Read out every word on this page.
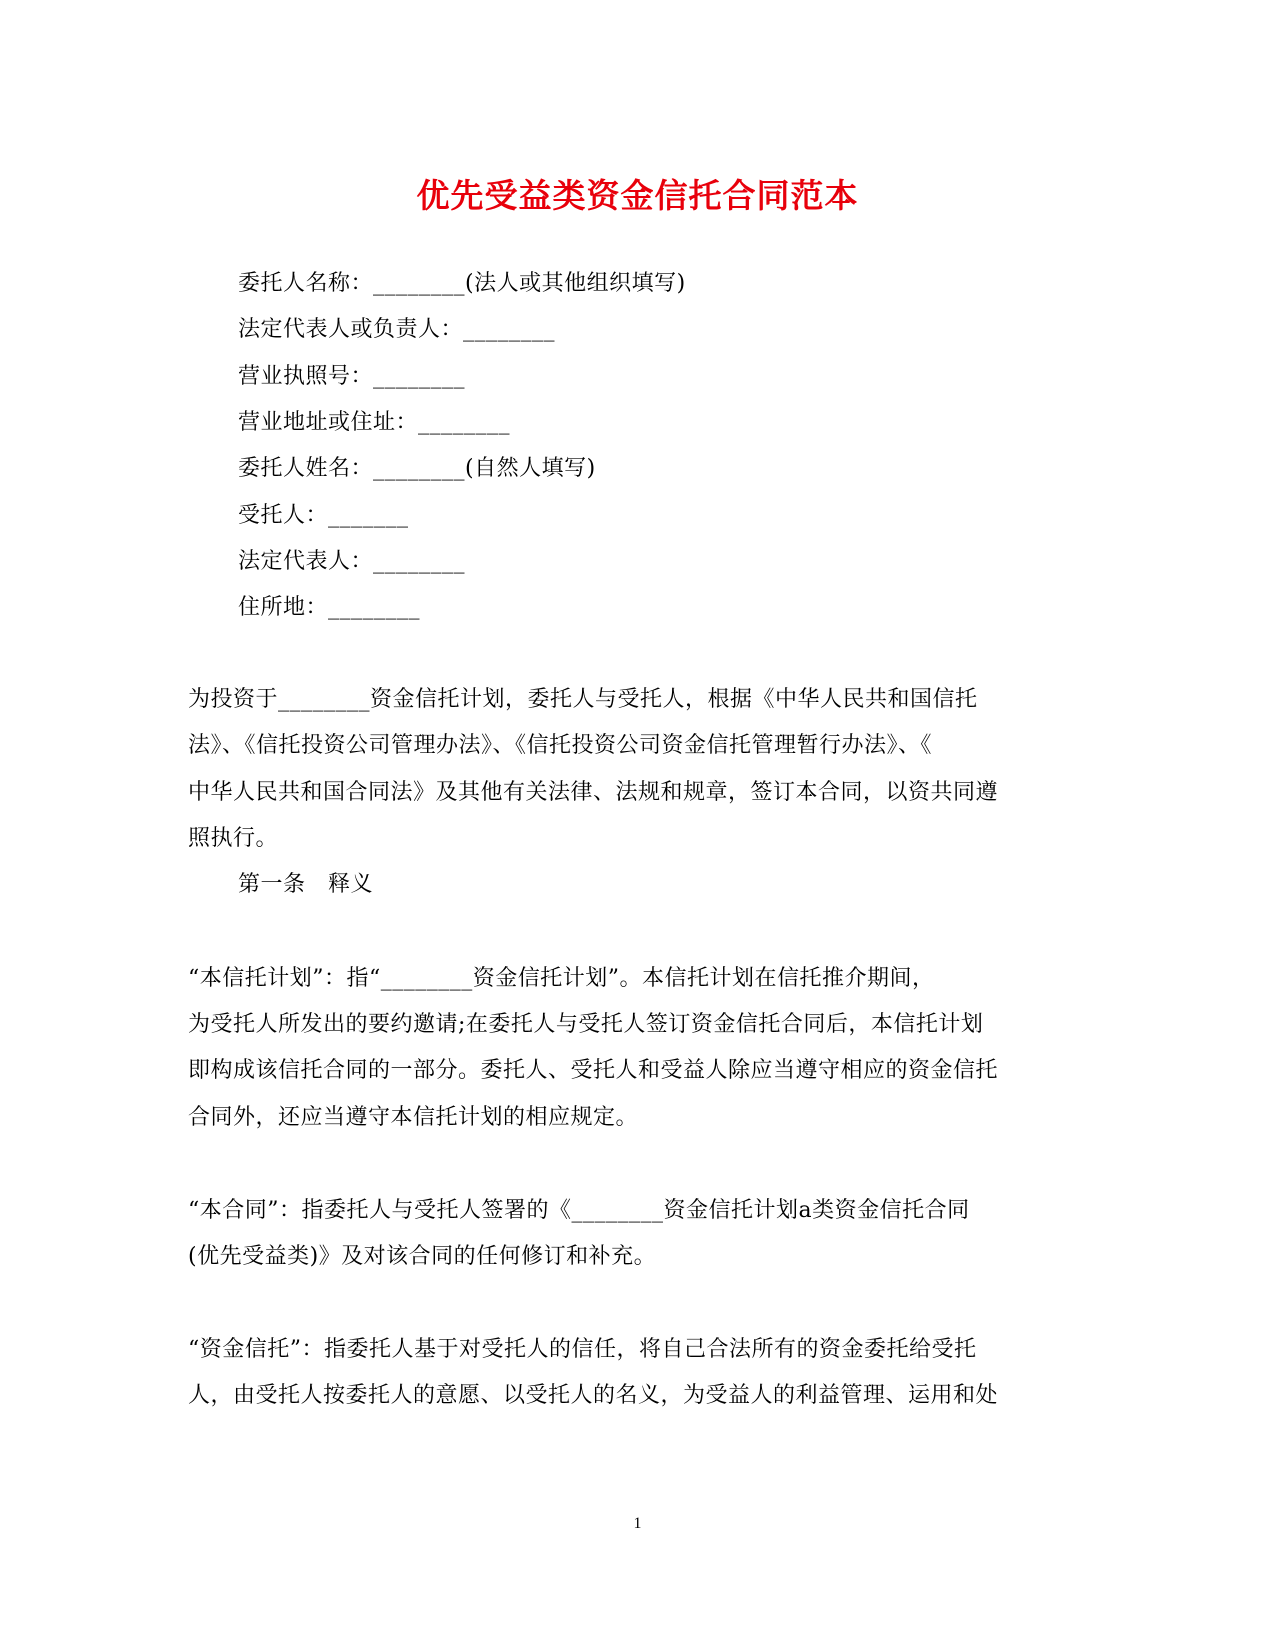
优先受益类资金信托合同范本
委托人名称：________(法人或其他组织填写)
法定代表人或负责人：________
营业执照号：________
营业地址或住址：________
委托人姓名：________(自然人填写)
受托人：_______
法定代表人：________
住所地：________
为投资于________资金信托计划，委托人与受托人，根据《中华人民共和国信托
法》、《信托投资公司管理办法》、《信托投资公司资金信托管理暂行办法》、《
中华人民共和国合同法》及其他有关法律、法规和规章，签订本合同，以资共同遵
照执行。
第一条　释义
“本信托计划”：指“________资金信托计划”。本信托计划在信托推介期间，
为受托人所发出的要约邀请;在委托人与受托人签订资金信托合同后，本信托计划
即构成该信托合同的一部分。委托人、受托人和受益人除应当遵守相应的资金信托
合同外，还应当遵守本信托计划的相应规定。
“本合同”：指委托人与受托人签署的《________资金信托计划a类资金信托合同
(优先受益类)》及对该合同的任何修订和补充。
“资金信托”：指委托人基于对受托人的信任，将自己合法所有的资金委托给受托
人，由受托人按委托人的意愿、以受托人的名义，为受益人的利益管理、运用和处
1
